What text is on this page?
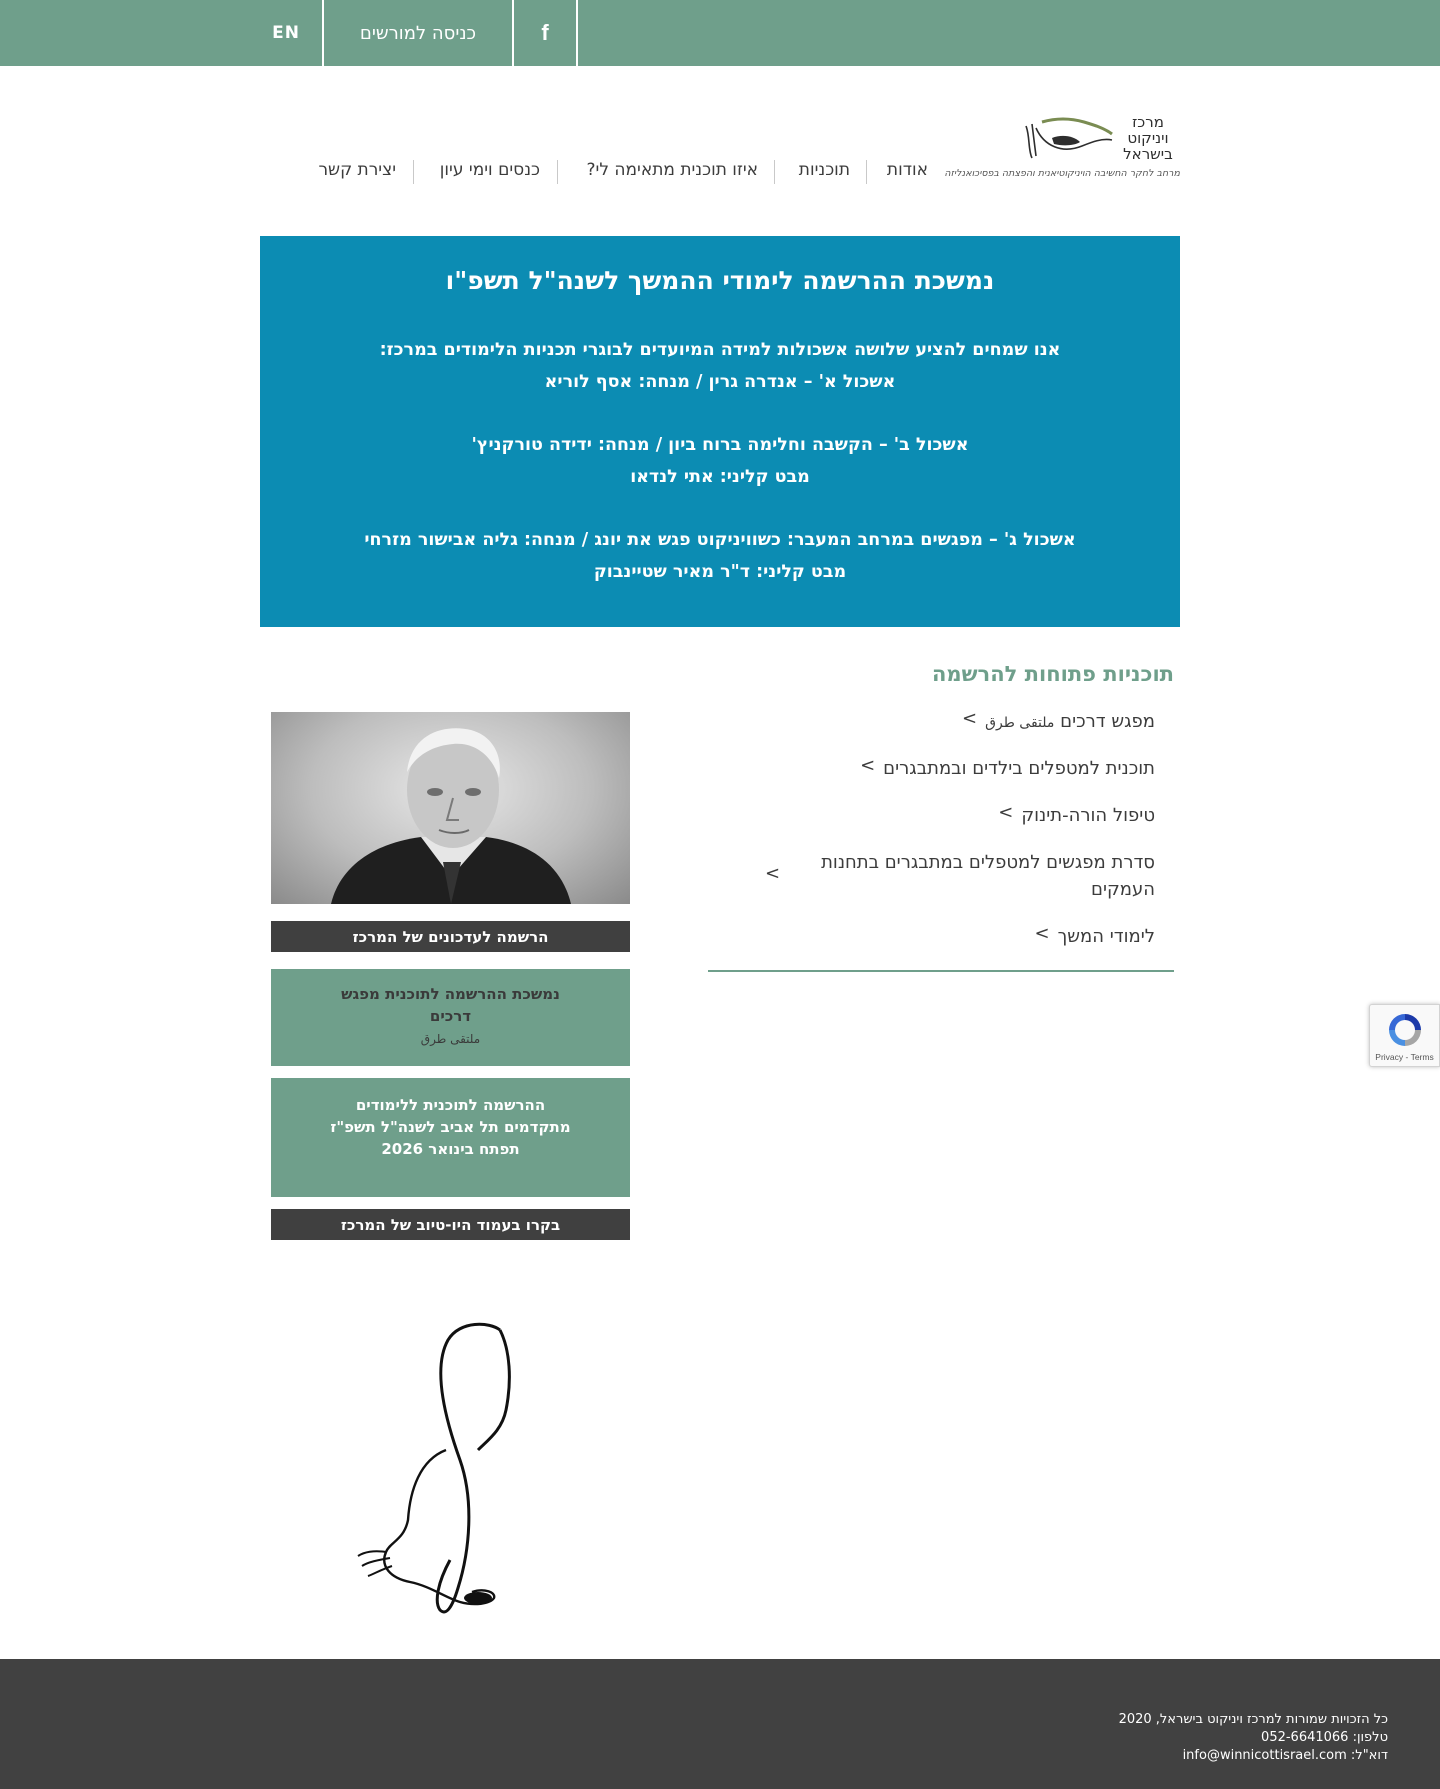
EN	כניסה למורשים	f
מרכז
ויניקוט
בישראל
מרחב לחקר החשיבה הויניקוטיאנית והפצתה בפסיכואנליזה
אודות
תוכניות
איזו תוכנית מתאימה לי?
כנסים וימי עיון
יצירת קשר
נמשכת ההרשמה לימודי ההמשך לשנה"ל תשפ"ו
אנו שמחים להציע שלושה אשכולות למידה המיועדים לבוגרי תכניות הלימודים במרכז:
אשכול א' – אנדרה גרין / מנחה: אסף לוריא
אשכול ב' – הקשבה וחלימה ברוח ביון / מנחה: ידידה טורקניץ'
מבט קליני: אתי לנדאו
אשכול ג' – מפגשים במרחב המעבר: כשוויניקוט פגש את יונג / מנחה: גליה אבישור מזרחי
מבט קליני: ד"ר מאיר שטיינבוק
תוכניות פתוחות להרשמה
מפגש דרכים ملتقى طرق
>
תוכנית למטפלים בילדים ובמתבגרים
>
טיפול הורה-תינוק
>
סדרת מפגשים למטפלים במתבגרים בתחנות העמקים
>
לימודי המשך
>
הרשמה לעדכונים של המרכז
נמשכת ההרשמה לתוכנית מפגש דרכים
ملتقى طرق
ההרשמה לתוכנית ללימודים
מתקדמים תל אביב לשנה"ל תשפ"ז
תפתח בינואר 2026
בקרו בעמוד היו-טיוב של המרכז
Privacy - Terms
כל הזכויות שמורות למרכז ויניקוט בישראל, 2020
טלפון: 052-6641066
דוא"ל: info@winnicottisrael.com
